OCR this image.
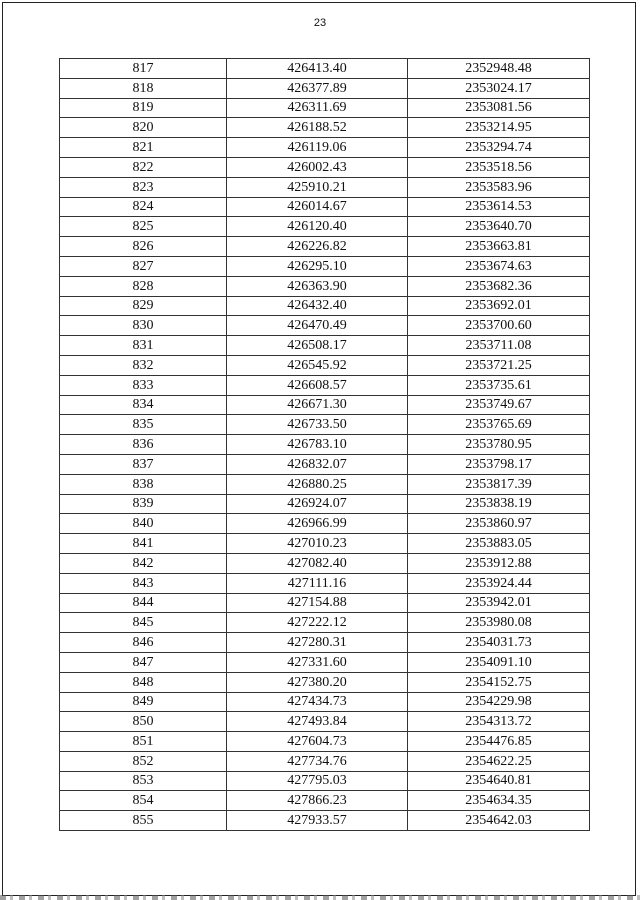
23
817	426413.40	2352948.48
818	426377.89	2353024.17
819	426311.69	2353081.56
820	426188.52	2353214.95
821	426119.06	2353294.74
822	426002.43	2353518.56
823	425910.21	2353583.96
824	426014.67	2353614.53
825	426120.40	2353640.70
826	426226.82	2353663.81
827	426295.10	2353674.63
828	426363.90	2353682.36
829	426432.40	2353692.01
830	426470.49	2353700.60
831	426508.17	2353711.08
832	426545.92	2353721.25
833	426608.57	2353735.61
834	426671.30	2353749.67
835	426733.50	2353765.69
836	426783.10	2353780.95
837	426832.07	2353798.17
838	426880.25	2353817.39
839	426924.07	2353838.19
840	426966.99	2353860.97
841	427010.23	2353883.05
842	427082.40	2353912.88
843	427111.16	2353924.44
844	427154.88	2353942.01
845	427222.12	2353980.08
846	427280.31	2354031.73
847	427331.60	2354091.10
848	427380.20	2354152.75
849	427434.73	2354229.98
850	427493.84	2354313.72
851	427604.73	2354476.85
852	427734.76	2354622.25
853	427795.03	2354640.81
854	427866.23	2354634.35
855	427933.57	2354642.03
